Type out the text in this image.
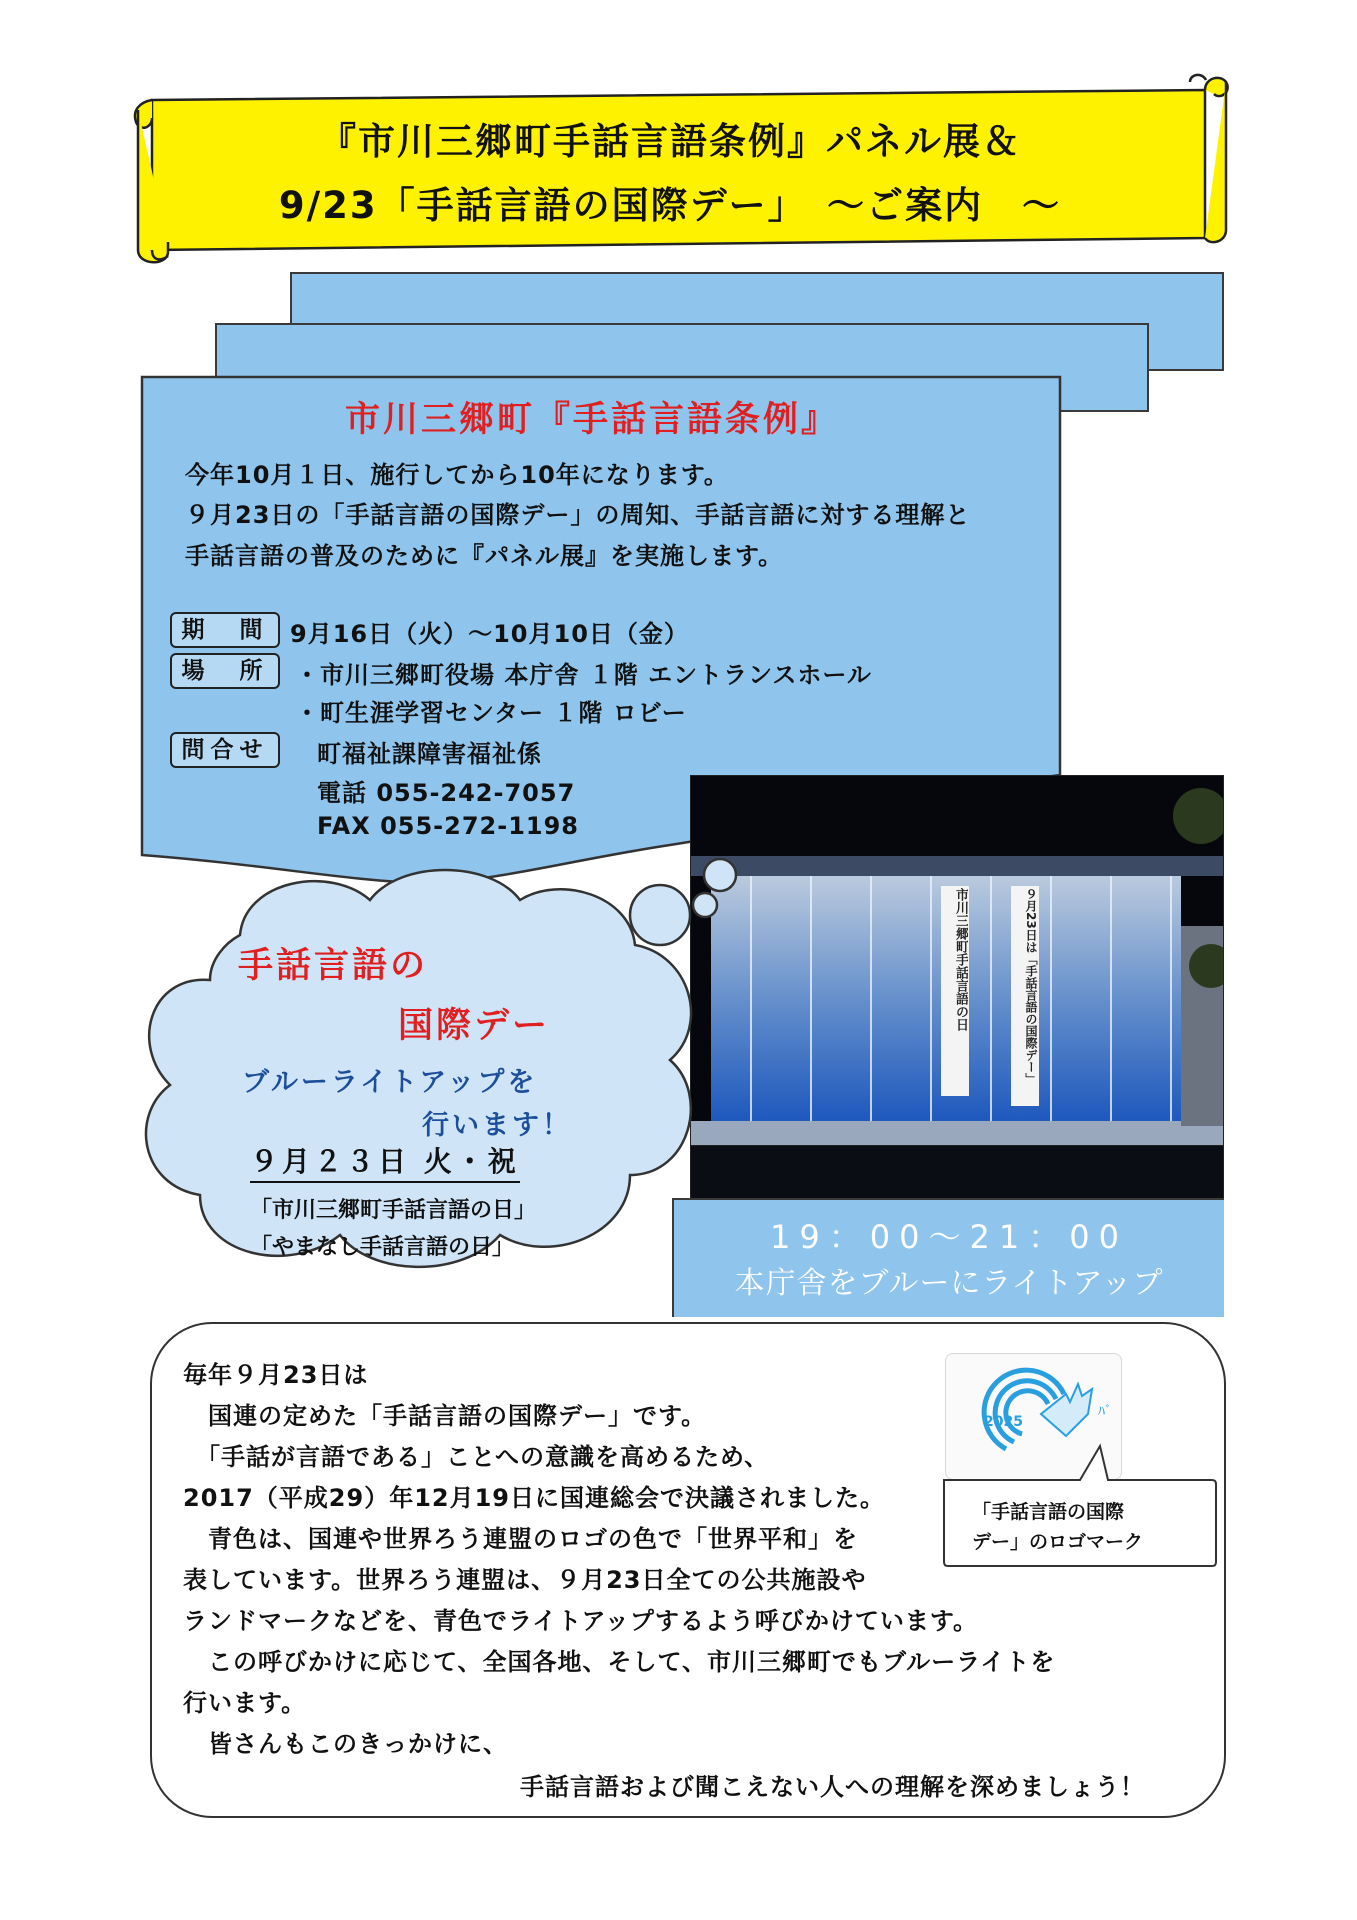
『市川三郷町手話言語条例』パネル展＆
9/23「手話言語の国際デー」　～ご案内　～
市川三郷町『手話言語条例』
今年10月１日、施行してから10年になります。
９月23日の「手話言語の国際デー」の周知、手話言語に対する理解と
手話言語の普及のために『パネル展』を実施します。
期　間 9月16日（火）～10月10日（金）
場　所	・市川三郷町役場 本庁舎 １階 エントランスホール
・町生涯学習センター １階 ロビー
問合せ	町福祉課障害福祉係
電話 055-242-7057
FAX 055-272-1198
市川三郷町手話言語の日	９月23日は「手話言語の国際デー」
19：00～21：00
本庁舎をブルーにライトアップ
手話言語の
国際デー
ブルーライトアップを
行います！
９月２３日 火・祝
「市川三郷町手話言語の日」
「やまなし手話言語の日」
毎年９月23日は
　国連の定めた「手話言語の国際デー」です。
　「手話が言語である」ことへの意識を高めるため、
2017（平成29）年12月19日に国連総会で決議されました。
　青色は、国連や世界ろう連盟のロゴの色で「世界平和」を
表しています。世界ろう連盟は、９月23日全ての公共施設や
ランドマークなどを、青色でライトアップするよう呼びかけています。
　この呼びかけに応じて、全国各地、そして、市川三郷町でもブルーライトを
行います。
　皆さんもこのきっかけに、
手話言語および聞こえない人への理解を深めましょう！
ﾊﾞ
2025
「手話言語の国際
デー」のロゴマーク
